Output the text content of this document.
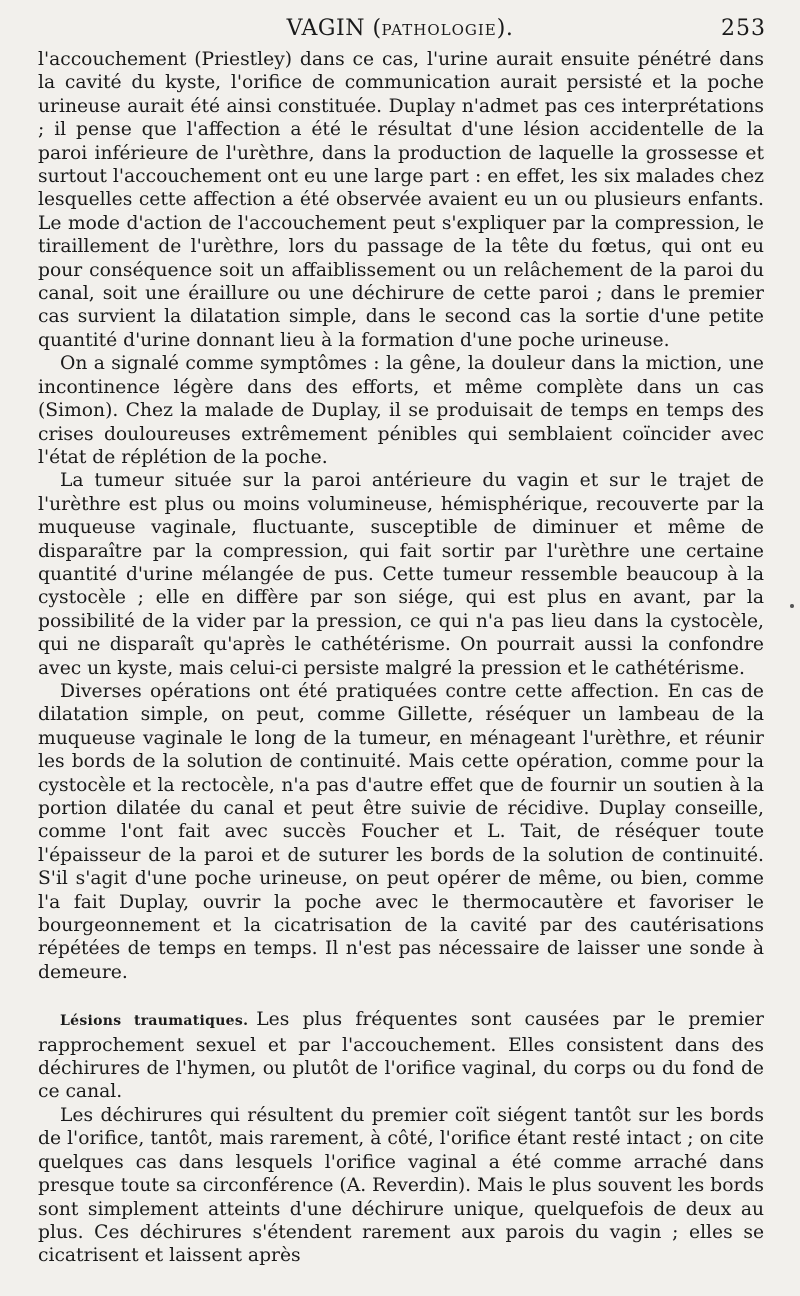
VAGIN (PATHOLOGIE).	253

l'accouchement (Priestley) dans ce cas, l'urine aurait ensuite pénétré dans la cavité du kyste, l'orifice de communication aurait persisté et la poche urineuse aurait été ainsi constituée. Duplay n'admet pas ces interprétations ; il pense que l'affection a été le résultat d'une lésion accidentelle de la paroi inférieure de l'urèthre, dans la production de laquelle la grossesse et surtout l'accouchement ont eu une large part : en effet, les six malades chez lesquelles cette affection a été observée avaient eu un ou plusieurs enfants. Le mode d'action de l'accouchement peut s'expliquer par la compression, le tiraillement de l'urèthre, lors du passage de la tête du fœtus, qui ont eu pour conséquence soit un affaiblissement ou un relâchement de la paroi du canal, soit une éraillure ou une déchirure de cette paroi ; dans le premier cas survient la dilatation simple, dans le second cas la sortie d'une petite quantité d'urine donnant lieu à la formation d'une poche urineuse.

On a signalé comme symptômes : la gêne, la douleur dans la miction, une incontinence légère dans des efforts, et même complète dans un cas (Simon). Chez la malade de Duplay, il se produisait de temps en temps des crises douloureuses extrêmement pénibles qui semblaient coïncider avec l'état de réplétion de la poche.

La tumeur située sur la paroi antérieure du vagin et sur le trajet de l'urèthre est plus ou moins volumineuse, hémisphérique, recouverte par la muqueuse vaginale, fluctuante, susceptible de diminuer et même de disparaître par la compression, qui fait sortir par l'urèthre une certaine quantité d'urine mélangée de pus. Cette tumeur ressemble beaucoup à la cystocèle ; elle en diffère par son siége, qui est plus en avant, par la possibilité de la vider par la pression, ce qui n'a pas lieu dans la cystocèle, qui ne disparaît qu'après le cathétérisme. On pourrait aussi la confondre avec un kyste, mais celui-ci persiste malgré la pression et le cathétérisme.

Diverses opérations ont été pratiquées contre cette affection. En cas de dilatation simple, on peut, comme Gillette, réséquer un lambeau de la muqueuse vaginale le long de la tumeur, en ménageant l'urèthre, et réunir les bords de la solution de continuité. Mais cette opération, comme pour la cystocèle et la rectocèle, n'a pas d'autre effet que de fournir un soutien à la portion dilatée du canal et peut être suivie de récidive. Duplay conseille, comme l'ont fait avec succès Foucher et L. Tait, de réséquer toute l'épaisseur de la paroi et de suturer les bords de la solution de continuité. S'il s'agit d'une poche urineuse, on peut opérer de même, ou bien, comme l'a fait Duplay, ouvrir la poche avec le thermocautère et favoriser le bourgeonnement et la cicatrisation de la cavité par des cautérisations répétées de temps en temps. Il n'est pas nécessaire de laisser une sonde à demeure.

Lésions traumatiques. Les plus fréquentes sont causées par le premier rapprochement sexuel et par l'accouchement. Elles consistent dans des déchirures de l'hymen, ou plutôt de l'orifice vaginal, du corps ou du fond de ce canal.

Les déchirures qui résultent du premier coït siégent tantôt sur les bords de l'orifice, tantôt, mais rarement, à côté, l'orifice étant resté intact ; on cite quelques cas dans lesquels l'orifice vaginal a été comme arraché dans presque toute sa circonférence (A. Reverdin). Mais le plus souvent les bords sont simplement atteints d'une déchirure unique, quelquefois de deux au plus. Ces déchirures s'étendent rarement aux parois du vagin ; elles se cicatrisent et laissent après
